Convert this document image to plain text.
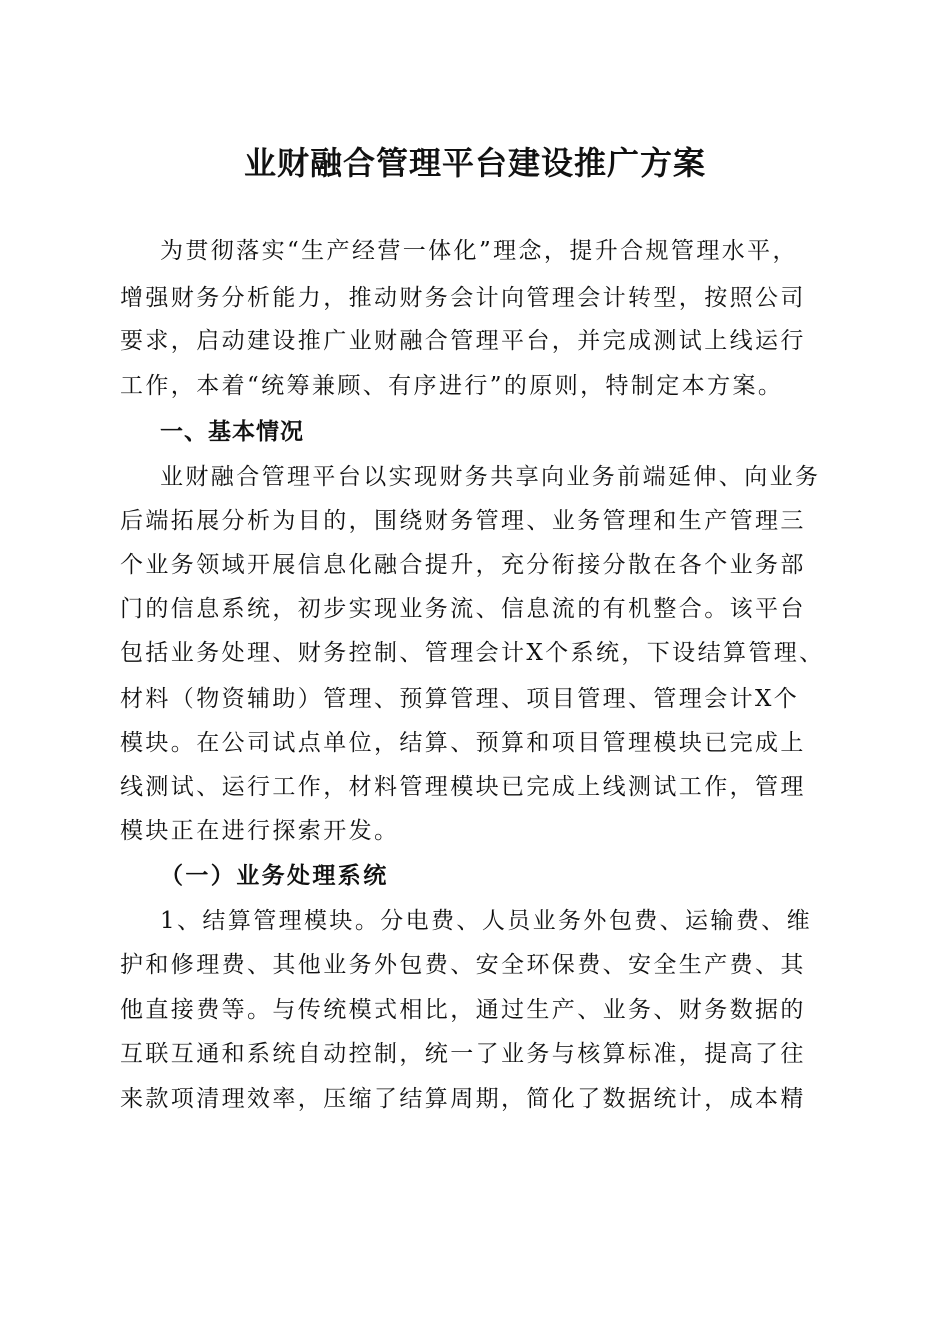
业财融合管理平台建设推广方案

为贯彻落实“生产经营一体化”理念，提升合规管理水平，

增强财务分析能力，推动财务会计向管理会计转型，按照公司

要求，启动建设推广业财融合管理平台，并完成测试上线运行

工作，本着“统筹兼顾、有序进行”的原则，特制定本方案。

一、基本情况

业财融合管理平台以实现财务共享向业务前端延伸、向业务

后端拓展分析为目的，围绕财务管理、业务管理和生产管理三

个业务领域开展信息化融合提升，充分衔接分散在各个业务部

门的信息系统，初步实现业务流、信息流的有机整合。该平台

包括业务处理、财务控制、管理会计X个系统，下设结算管理、

材料（物资辅助）管理、预算管理、项目管理、管理会计X个

模块。在公司试点单位，结算、预算和项目管理模块已完成上

线测试、运行工作，材料管理模块已完成上线测试工作，管理

模块正在进行探索开发。

（一）业务处理系统

1、结算管理模块。分电费、人员业务外包费、运输费、维

护和修理费、其他业务外包费、安全环保费、安全生产费、其

他直接费等。与传统模式相比，通过生产、业务、财务数据的

互联互通和系统自动控制，统一了业务与核算标准，提高了往

来款项清理效率，压缩了结算周期，简化了数据统计，成本精
